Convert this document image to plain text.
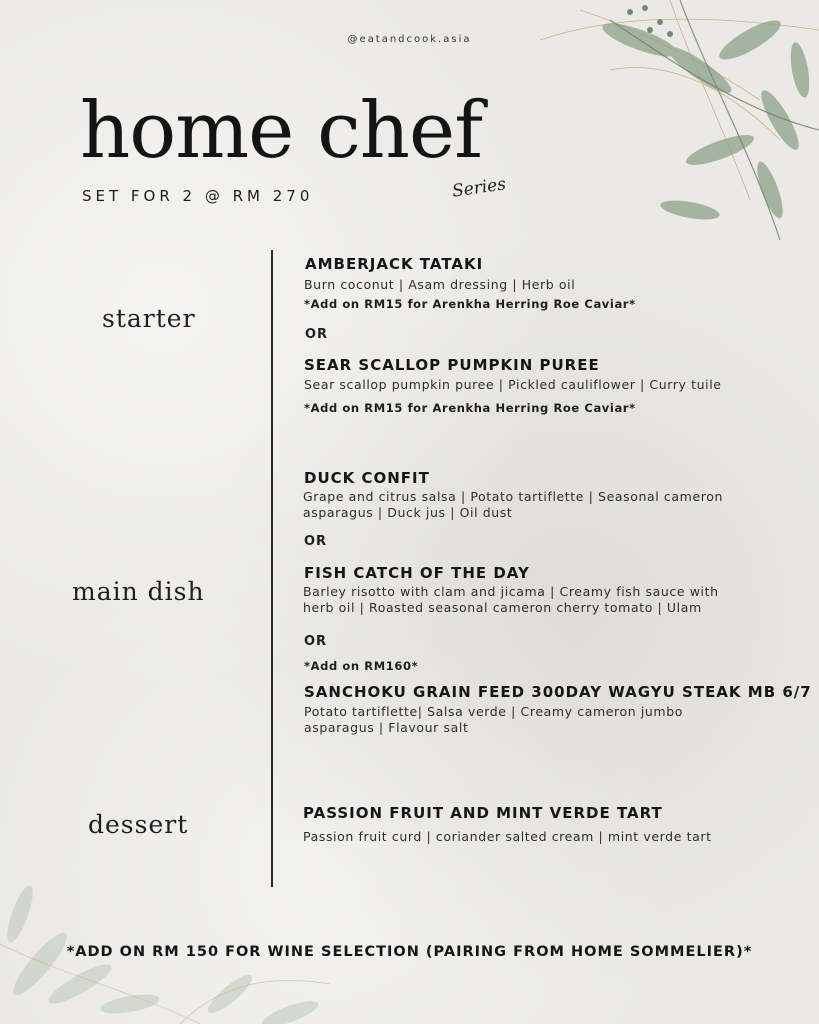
@eatandcook.asia
home chef
Series
SET FOR 2 @ RM 270
starter
main dish
dessert
AMBERJACK TATAKI
Burn coconut | Asam dressing | Herb oil
*Add on RM15 for Arenkha Herring Roe Caviar*
OR
SEAR SCALLOP PUMPKIN PUREE
Sear scallop pumpkin puree | Pickled cauliflower | Curry tuile
*Add on RM15 for Arenkha Herring Roe Caviar*
DUCK CONFIT
Grape and citrus salsa | Potato tartiflette | Seasonal cameron
asparagus | Duck jus | Oil dust
OR
FISH CATCH OF THE DAY
Barley risotto with clam and jicama | Creamy fish sauce with
herb oil | Roasted seasonal cameron cherry tomato | Ulam
OR
*Add on RM160*
SANCHOKU GRAIN FEED 300DAY WAGYU STEAK MB 6/7
Potato tartiflette| Salsa verde | Creamy cameron jumbo
asparagus | Flavour salt
PASSION FRUIT AND MINT VERDE TART
Passion fruit curd | coriander salted cream | mint verde tart
*ADD ON RM 150 FOR WINE SELECTION (PAIRING FROM HOME SOMMELIER)*
